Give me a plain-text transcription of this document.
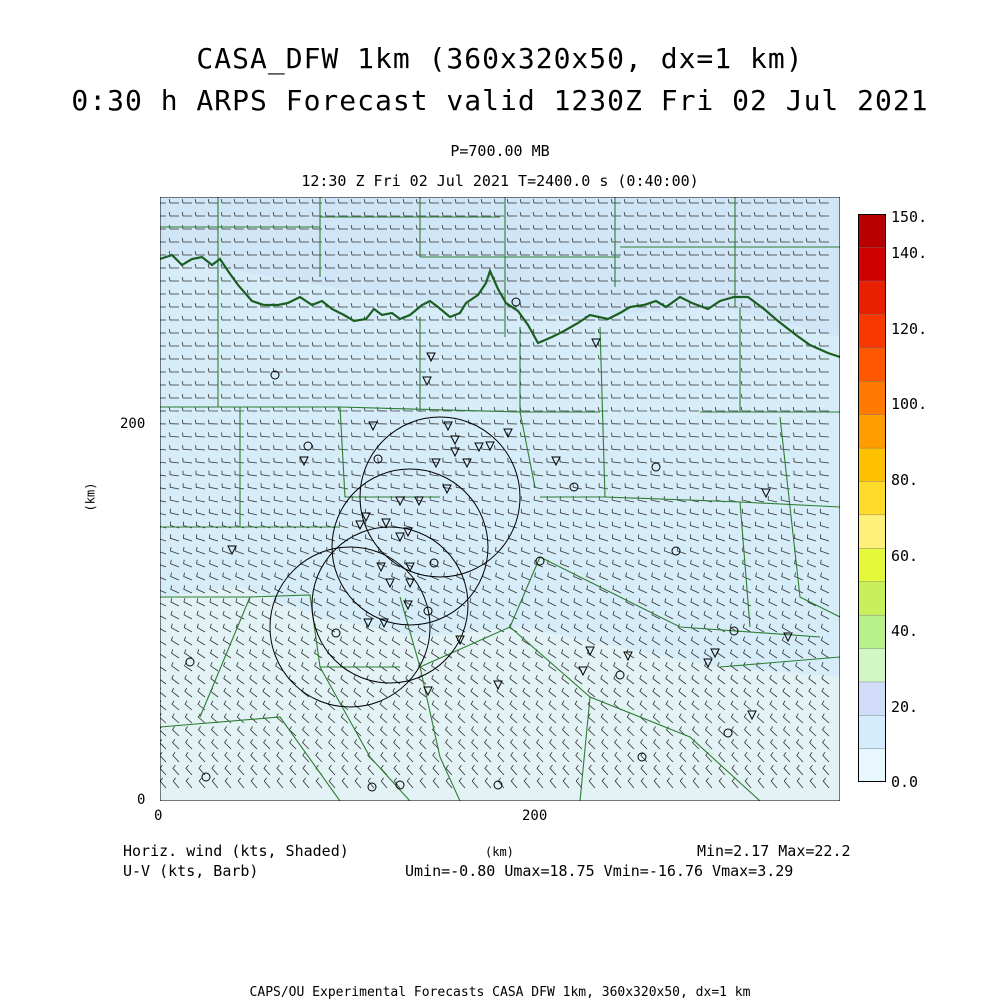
CASA_DFW 1km (360x320x50, dx=1 km)
0:30 h ARPS Forecast valid 1230Z Fri 02 Jul 2021
P=700.00 MB
12:30 Z Fri 02 Jul 2021 T=2400.0 s (0:40:00)
200
0
0	200
(km)
150.
140.
120.
100.
80.
60.
40.
20.
0.0
Horiz. wind (kts, Shaded)
U-V (kts, Barb)
(km)	Min=2.17 Max=22.2
Umin=-0.80 Umax=18.75 Vmin=-16.76 Vmax=3.29
CAPS/OU Experimental Forecasts CASA DFW 1km, 360x320x50, dx=1 km
